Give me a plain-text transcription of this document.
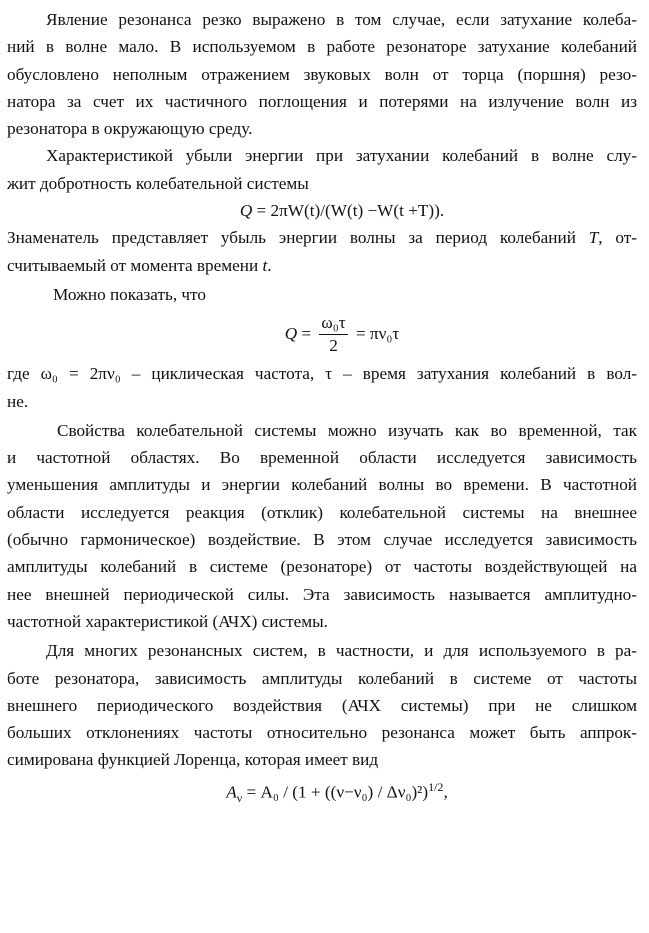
Явление резонанса резко выражено в том случае, если затухание колеба-
ний в волне мало. В используемом в работе резонаторе затухание колебаний
обусловлено неполным отражением звуковых волн от торца (поршня) резо-
натора за счет их частичного поглощения и потерями на излучение волн из
резонатора в окружающую среду.
Характеристикой убыли энергии при затухании колебаний в волне слу-
жит добротность колебательной системы
Q = 2πW(t)/(W(t) −W(t +T)).
Знаменатель представляет убыль энергии волны за период колебаний T, от-
считываемый от момента времени t.
Можно показать, что
$Q = \frac{\text{ω₀τ}}{2} = \pi\nu_0\tau$
где ω₀ = 2πν₀ – циклическая частота, τ – время затухания колебаний в вол-
не.
Свойства колебательной системы можно изучать как во временной, так
и частотной областях. Во временной области исследуется зависимость
уменьшения амплитуды и энергии колебаний волны во времени. В частотной
области исследуется реакция (отклик) колебательной системы на внешнее
(обычно гармоническое) воздействие. В этом случае исследуется зависимость
амплитуды колебаний в системе (резонаторе) от частоты воздействующей на
нее внешней периодической силы. Эта зависимость называется амплитудно-
частотной характеристикой (АЧХ) системы.
Для многих резонансных систем, в частности, и для используемого в ра-
боте резонатора, зависимость амплитуды колебаний в системе от частоты
внешнего периодического воздействия (АЧХ системы) при не слишком
больших отклонениях частоты относительно резонанса может быть аппрок-
симирована функцией Лоренца, которая имеет вид
$A_\nu = A_0 / (1 + ((\nu-\nu_0) / \Delta\nu_0)^2)^{1/2}$,
